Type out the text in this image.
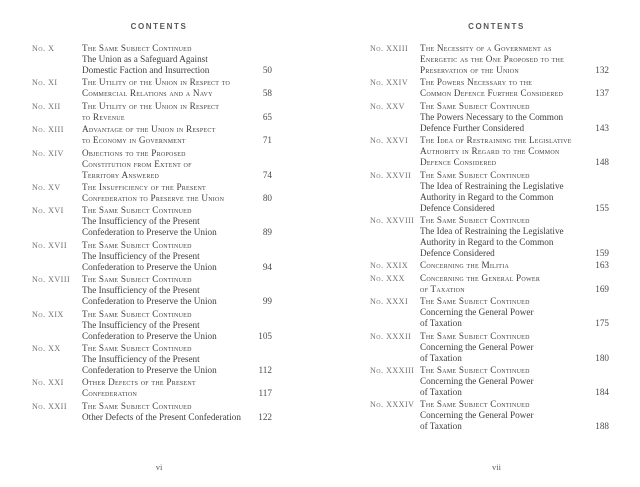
CONTENTS
No. X	The Same Subject Continued
The Union as a Safeguard Against
Domestic Faction and Insurrection	50
No. XI	The Utility of the Union in Respect to
Commercial Relations and a Navy	58
No. XII	The Utility of the Union in Respect
to Revenue	65
No. XIII	Advantage of the Union in Respect
to Economy in Government	71
No. XIV	Objections to the Proposed
Constitution from Extent of
Territory Answered	74
No. XV	The Insufficiency of the Present
Confederation to Preserve the Union	80
No. XVI	The Same Subject Continued
The Insufficiency of the Present
Confederation to Preserve the Union	89
No. XVII	The Same Subject Continued
The Insufficiency of the Present
Confederation to Preserve the Union	94
No. XVIII	The Same Subject Continued
The Insufficiency of the Present
Confederation to Preserve the Union	99
No. XIX	The Same Subject Continued
The Insufficiency of the Present
Confederation to Preserve the Union	105
No. XX	The Same Subject Continued
The Insufficiency of the Present
Confederation to Preserve the Union	112
No. XXI	Other Defects of the Present
Confederation	117
No. XXII	The Same Subject Continued
Other Defects of the Present Confederation 122
vi
CONTENTS
No. XXIII	The Necessity of a Government as
Energetic as the One Proposed to the
Preservation of the Union	132
No. XXIV	The Powers Necessary to the
Common Defence Further Considered	137
No. XXV	The Same Subject Continued
The Powers Necessary to the Common
Defence Further Considered	143
No. XXVI	The Idea of Restraining the Legislative
Authority in Regard to the Common
Defence Considered	148
No. XXVII The Same Subject Continued
The Idea of Restraining the Legislative
Authority in Regard to the Common
Defence Considered	155
No. XXVIII The Same Subject Continued
The Idea of Restraining the Legislative
Authority in Regard to the Common
Defence Considered	159
No. XXIX	Concerning the Militia	163
No. XXX	Concerning the General Power
of Taxation	169
No. XXXI	The Same Subject Continued
Concerning the General Power
of Taxation	175
No. XXXII The Same Subject Continued
Concerning the General Power
of Taxation	180
No. XXXIII The Same Subject Continued
Concerning the General Power
of Taxation	184
No. XXXIV The Same Subject Continued
Concerning the General Power
of Taxation	188
vii
